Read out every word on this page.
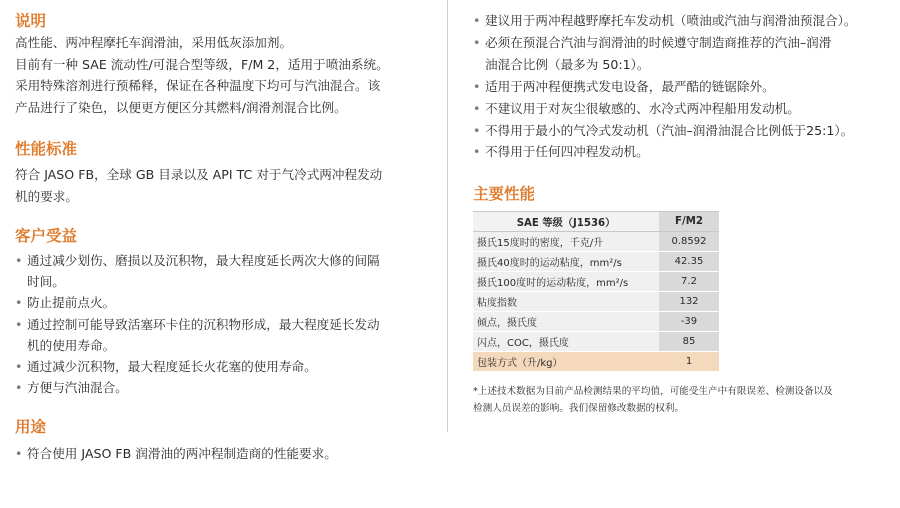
说明

高性能、两冲程摩托车润滑油，采用低灰添加剂。

目前有一种 SAE 流动性/可混合型等级，F/M 2，适用于喷油系统。

采用特殊溶剂进行预稀释，保证在各种温度下均可与汽油混合。该

产品进行了染色，以便更方便区分其燃料/润滑剂混合比例。

性能标准

符合 JASO FB，全球 GB 目录以及 API TC 对于气冷式两冲程发动

机的要求。

客户受益
• 通过减少划伤、磨损以及沉积物，最大程度延长两次大修的间隔
时间。
• 防止提前点火。
• 通过控制可能导致活塞环卡住的沉积物形成，最大程度延长发动
机的使用寿命。
• 通过减少沉积物，最大程度延长火花塞的使用寿命。
• 方便与汽油混合。
用途
• 符合使用 JASO FB 润滑油的两冲程制造商的性能要求。
• 建议用于两冲程越野摩托车发动机（喷油或汽油与润滑油预混合）。
• 必须在预混合汽油与润滑油的时候遵守制造商推荐的汽油–润滑
油混合比例（最多为 50:1）。
• 适用于两冲程便携式发电设备，最严酷的链锯除外。
• 不建议用于对灰尘很敏感的、水冷式两冲程船用发动机。
• 不得用于最小的气冷式发动机（汽油–润滑油混合比例低于25:1）。
• 不得用于任何四冲程发动机。
主要性能
SAE 等级（J1536）	F/M2
摄氏15度时的密度，千克/升	0.8592
摄氏40度时的运动粘度，mm²/s	42.35
摄氏100度时的运动粘度，mm²/s	7.2
粘度指数	132
倾点，摄氏度	-39
闪点，COC，摄氏度	85
包装方式（升/kg）	1
*上述技术数据为目前产品检测结果的平均值，可能受生产中有限误差、检测设备以及
检测人员误差的影响。我们保留修改数据的权利。
